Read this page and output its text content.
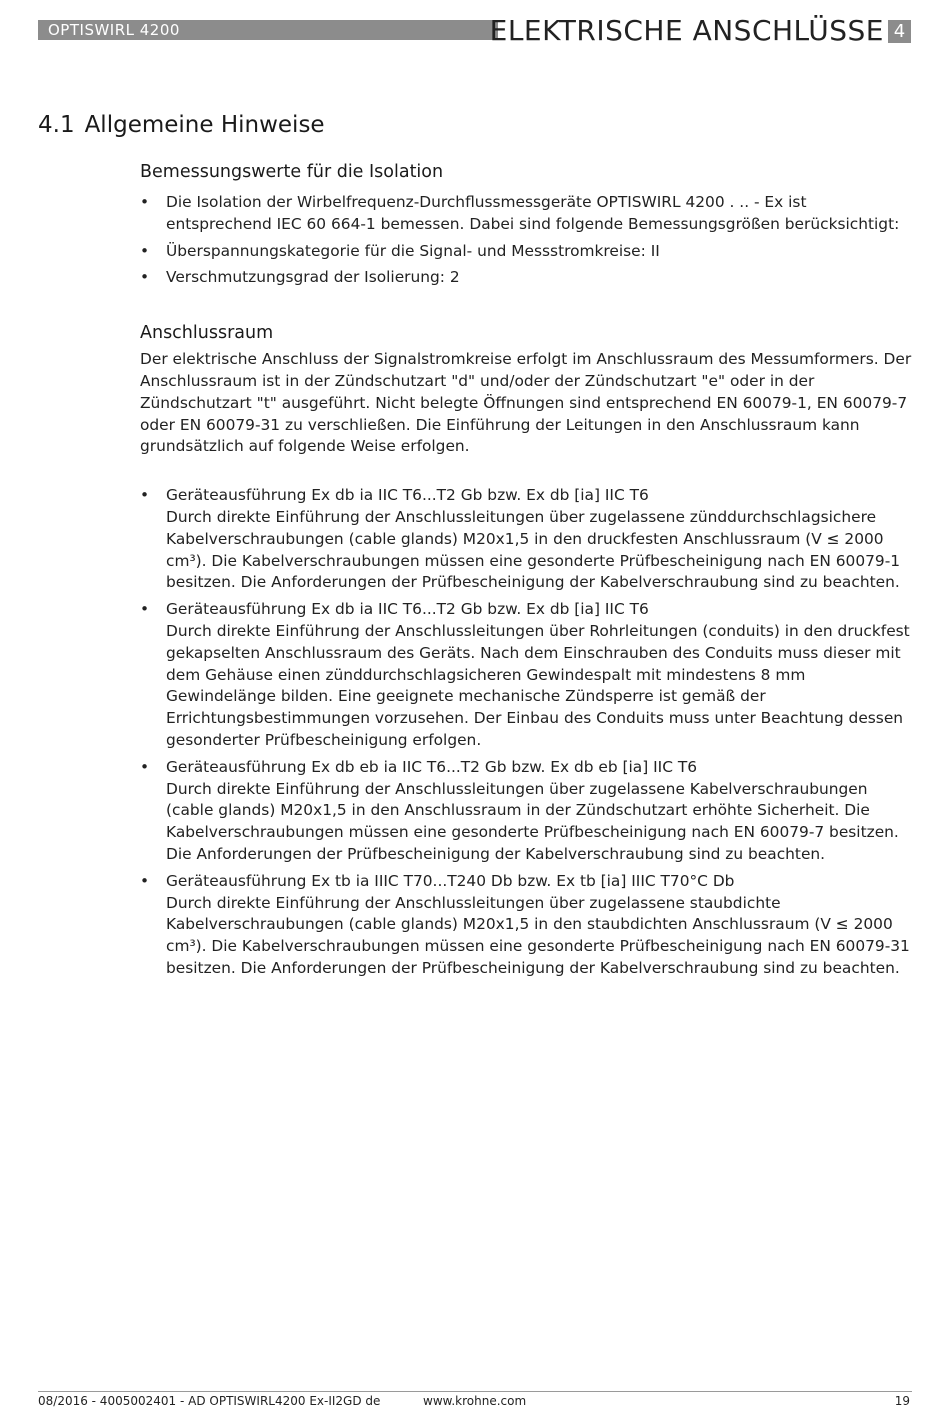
OPTISWIRL 4200	ELEKTRISCHE ANSCHLÜSSE 4
4.1 Allgemeine Hinweise
Bemessungswerte für die Isolation
• Die Isolation der Wirbelfrequenz-Durchflussmessgeräte OPTISWIRL 4200 . .. - Ex ist entsprechend IEC 60 664-1 bemessen. Dabei sind folgende Bemessungsgrößen berücksichtigt:
• Überspannungskategorie für die Signal- und Messstromkreise: II
• Verschmutzungsgrad der Isolierung: 2
Anschlussraum

Der elektrische Anschluss der Signalstromkreise erfolgt im Anschlussraum des Messumformers. Der Anschlussraum ist in der Zündschutzart "d" und/oder der Zündschutzart "e" oder in der Zündschutzart "t" ausgeführt. Nicht belegte Öffnungen sind entsprechend EN 60079-1, EN 60079-7 oder EN 60079-31 zu verschließen. Die Einführung der Leitungen in den Anschlussraum kann grundsätzlich auf folgende Weise erfolgen.

• Geräteausführung Ex db ia IIC T6...T2 Gb bzw. Ex db [ia] IIC T6
Durch direkte Einführung der Anschlussleitungen über zugelassene zünddurchschlagsichere Kabelverschraubungen (cable glands) M20x1,5 in den druckfesten Anschlussraum (V ≤ 2000 cm³). Die Kabelverschraubungen müssen eine gesonderte Prüfbescheinigung nach EN 60079-1 besitzen. Die Anforderungen der Prüfbescheinigung der Kabelverschraubung sind zu beachten.
• Geräteausführung Ex db ia IIC T6...T2 Gb bzw. Ex db [ia] IIC T6
Durch direkte Einführung der Anschlussleitungen über Rohrleitungen (conduits) in den druckfest gekapselten Anschlussraum des Geräts. Nach dem Einschrauben des Conduits muss dieser mit dem Gehäuse einen zünddurchschlagsicheren Gewindespalt mit mindestens 8 mm Gewindelänge bilden. Eine geeignete mechanische Zündsperre ist gemäß der Errichtungsbestimmungen vorzusehen. Der Einbau des Conduits muss unter Beachtung dessen gesonderter Prüfbescheinigung erfolgen.
• Geräteausführung Ex db eb ia IIC T6...T2 Gb bzw. Ex db eb [ia] IIC T6
Durch direkte Einführung der Anschlussleitungen über zugelassene Kabelverschraubungen (cable glands) M20x1,5 in den Anschlussraum in der Zündschutzart erhöhte Sicherheit. Die Kabelverschraubungen müssen eine gesonderte Prüfbescheinigung nach EN 60079-7 besitzen. Die Anforderungen der Prüfbescheinigung der Kabelverschraubung sind zu beachten.
• Geräteausführung Ex tb ia IIIC T70...T240 Db bzw. Ex tb [ia] IIIC T70°C Db
Durch direkte Einführung der Anschlussleitungen über zugelassene staubdichte Kabelverschraubungen (cable glands) M20x1,5 in den staubdichten Anschlussraum (V ≤ 2000 cm³). Die Kabelverschraubungen müssen eine gesonderte Prüfbescheinigung nach EN 60079-31 besitzen. Die Anforderungen der Prüfbescheinigung der Kabelverschraubung sind zu beachten.
08/2016 - 4005002401 - AD OPTISWIRL4200 Ex-II2GD de	www.krohne.com	19
